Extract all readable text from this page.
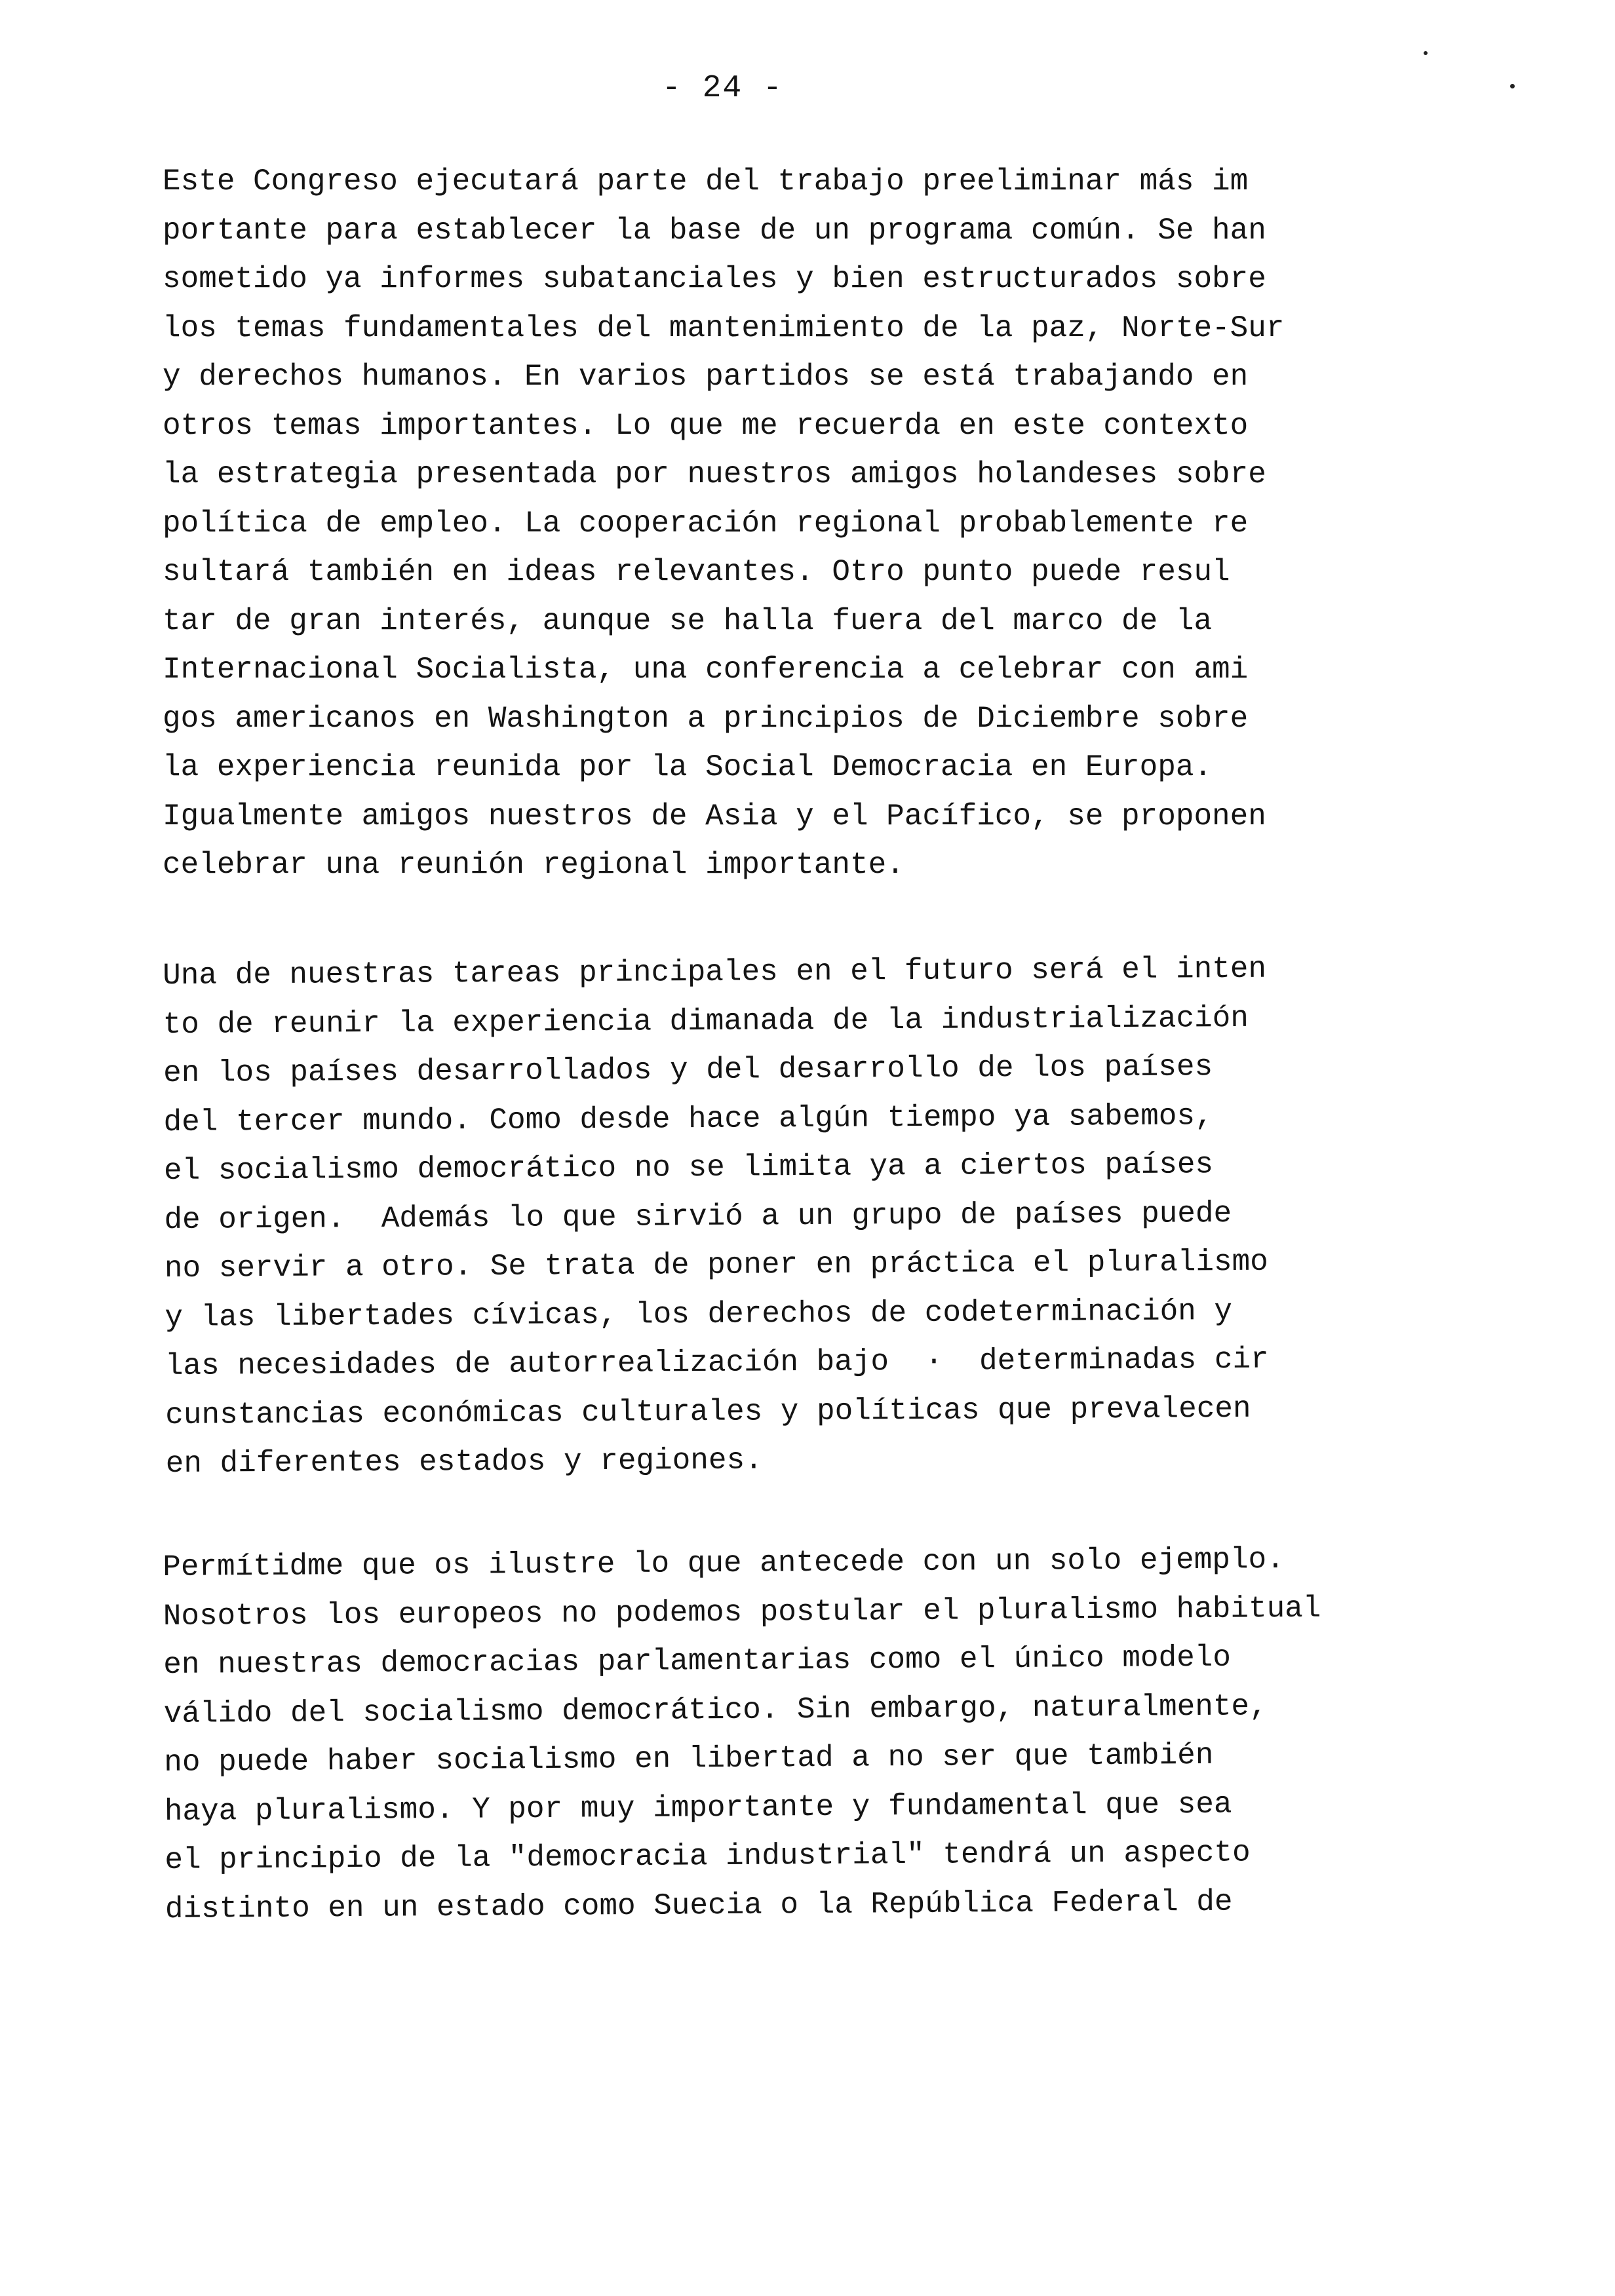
- 24 -
Este Congreso ejecutará parte del trabajo preeliminar más im
portante para establecer la base de un programa común. Se han
sometido ya informes subatanciales y bien estructurados sobre
los temas fundamentales del mantenimiento de la paz, Norte-Sur
y derechos humanos. En varios partidos se está trabajando en
otros temas importantes. Lo que me recuerda en este contexto
la estrategia presentada por nuestros amigos holandeses sobre
política de empleo. La cooperación regional probablemente re
sultará también en ideas relevantes. Otro punto puede resul
tar de gran interés, aunque se halla fuera del marco de la
Internacional Socialista, una conferencia a celebrar con ami
gos americanos en Washington a principios de Diciembre sobre
la experiencia reunida por la Social Democracia en Europa.
Igualmente amigos nuestros de Asia y el Pacífico, se proponen
celebrar una reunión regional importante.
Una de nuestras tareas principales en el futuro será el inten
to de reunir la experiencia dimanada de la industrialización
en los países desarrollados y del desarrollo de los países
del tercer mundo. Como desde hace algún tiempo ya sabemos,
el socialismo democrático no se limita ya a ciertos países
de origen.  Además lo que sirvió a un grupo de países puede
no servir a otro. Se trata de poner en práctica el pluralismo
y las libertades cívicas, los derechos de codeterminación y
las necesidades de autorrealización bajo  ·  determinadas cir
cunstancias económicas culturales y políticas que prevalecen
en diferentes estados y regiones.
Permítidme que os ilustre lo que antecede con un solo ejemplo.
Nosotros los europeos no podemos postular el pluralismo habitual
en nuestras democracias parlamentarias como el único modelo
válido del socialismo democrático. Sin embargo, naturalmente,
no puede haber socialismo en libertad a no ser que también
haya pluralismo. Y por muy importante y fundamental que sea
el principio de la "democracia industrial" tendrá un aspecto
distinto en un estado como Suecia o la República Federal de
